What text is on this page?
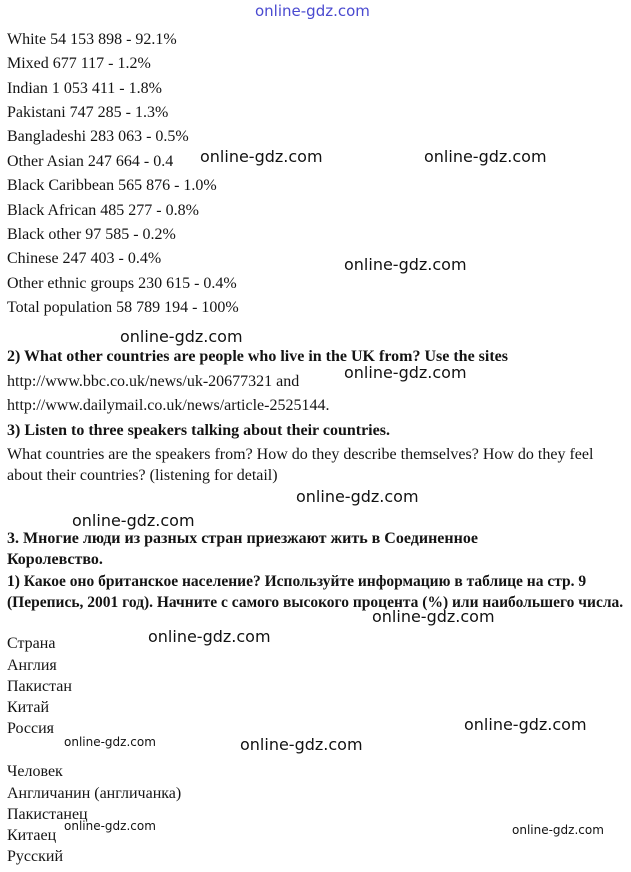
online-gdz.com
White 54 153 898 - 92.1%
Mixed 677 117 - 1.2%
Indian 1 053 411 - 1.8%
Pakistani 747 285 - 1.3%
Bangladeshi 283 063 - 0.5%
Other Asian 247 664 - 0.4
Black Caribbean 565 876 - 1.0%
Black African 485 277 - 0.8%
Black other 97 585 - 0.2%
Chinese 247 403 - 0.4%
Other ethnic groups 230 615 - 0.4%
Total population 58 789 194 - 100%
2) What other countries are people who live in the UK from? Use the sites
http://www.bbc.co.uk/news/uk-20677321 and
http://www.dailymail.co.uk/news/article-2525144.
3) Listen to three speakers talking about their countries.
What countries are the speakers from? How do they describe themselves? How do they feel about their countries? (listening for detail)
3. Многие люди из разных стран приезжают жить в Соединенное Королевство.
1) Какое оно британское население? Используйте информацию в таблице на стр. 9 (Перепись, 2001 год). Начните с самого высокого процента (%) или наибольшего числа.
Страна
Англия
Пакистан
Китай
Россия
Человек
Англичанин (англичанка)
Пакистанец
Китаец
Русский
online-gdz.com	online-gdz.com
online-gdz.com
online-gdz.com
online-gdz.com
online-gdz.com
online-gdz.com
online-gdz.com
online-gdz.com
online-gdz.com
online-gdz.com
online-gdz.com
online-gdz.com	online-gdz.com
